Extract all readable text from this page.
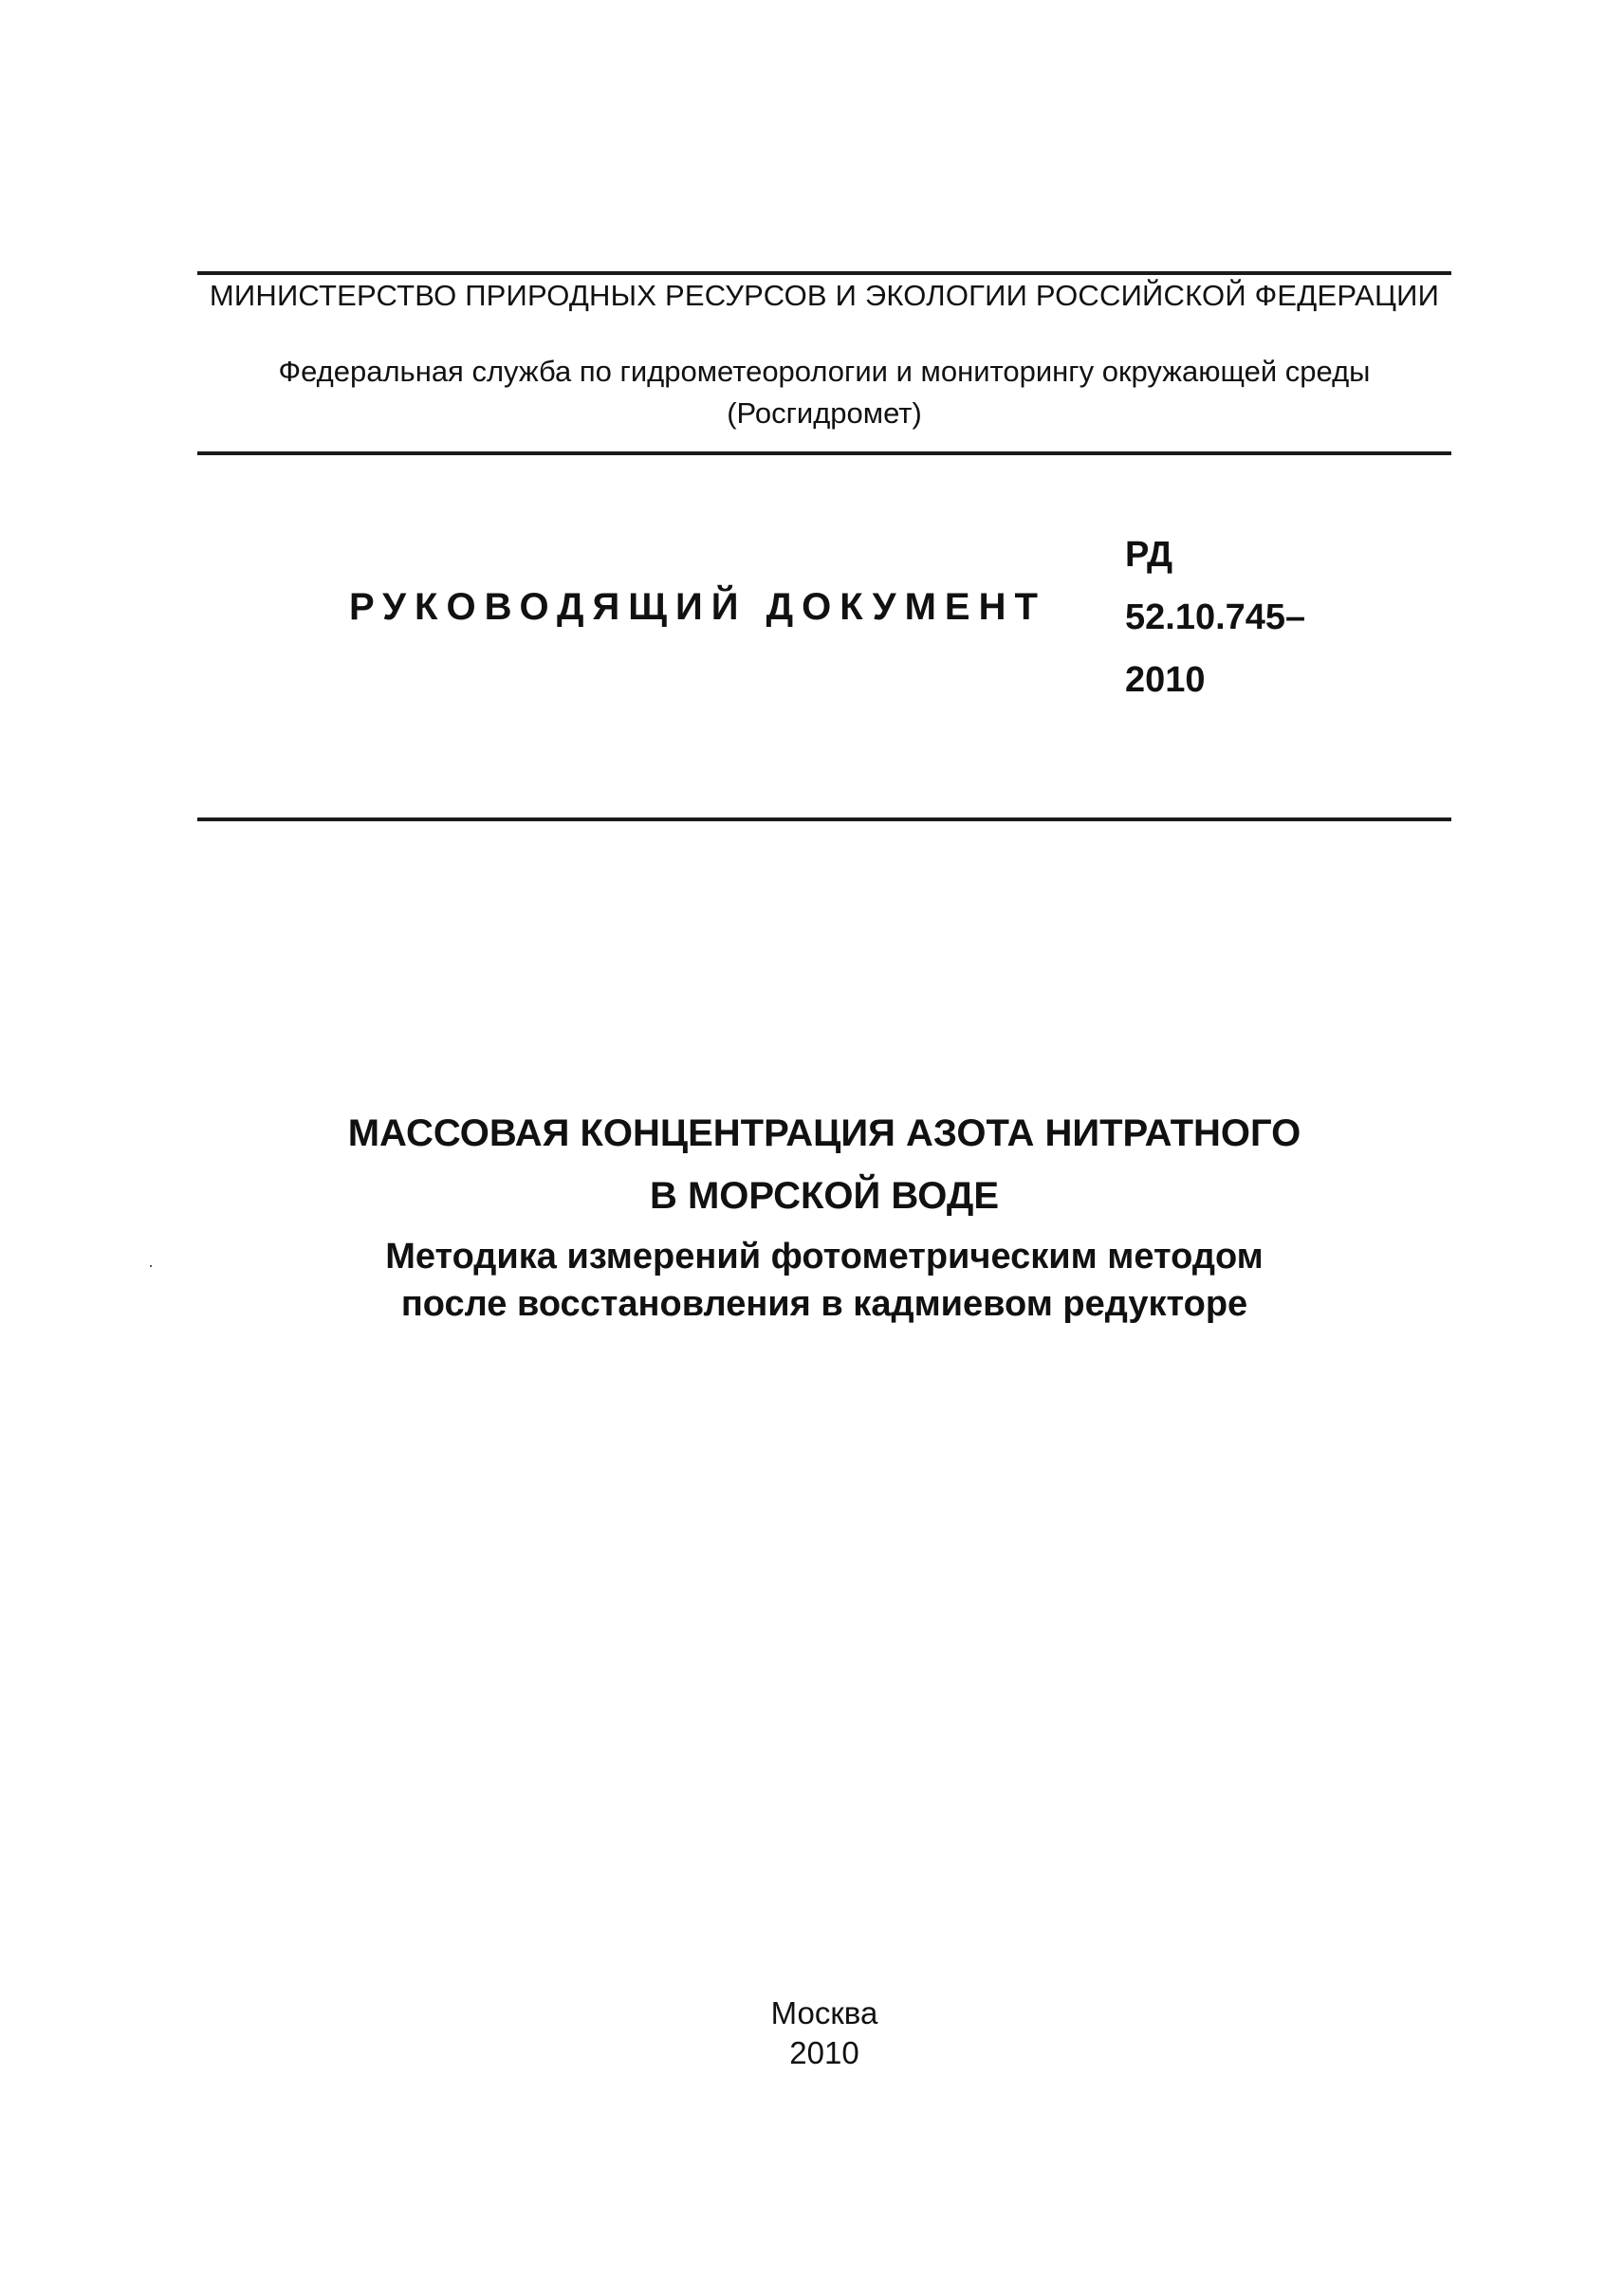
МИНИСТЕРСТВО ПРИРОДНЫХ РЕСУРСОВ И ЭКОЛОГИИ РОССИЙСКОЙ ФЕДЕРАЦИИ
Федеральная служба по гидрометеорологии и мониторингу окружающей среды
(Росгидромет)
РУКОВОДЯЩИЙ ДОКУМЕНТ
РД
52.10.745–
2010
МАССОВАЯ КОНЦЕНТРАЦИЯ АЗОТА НИТРАТНОГО
В МОРСКОЙ ВОДЕ
Методика измерений фотометрическим методом
после восстановления в кадмиевом редукторе
Москва
2010
